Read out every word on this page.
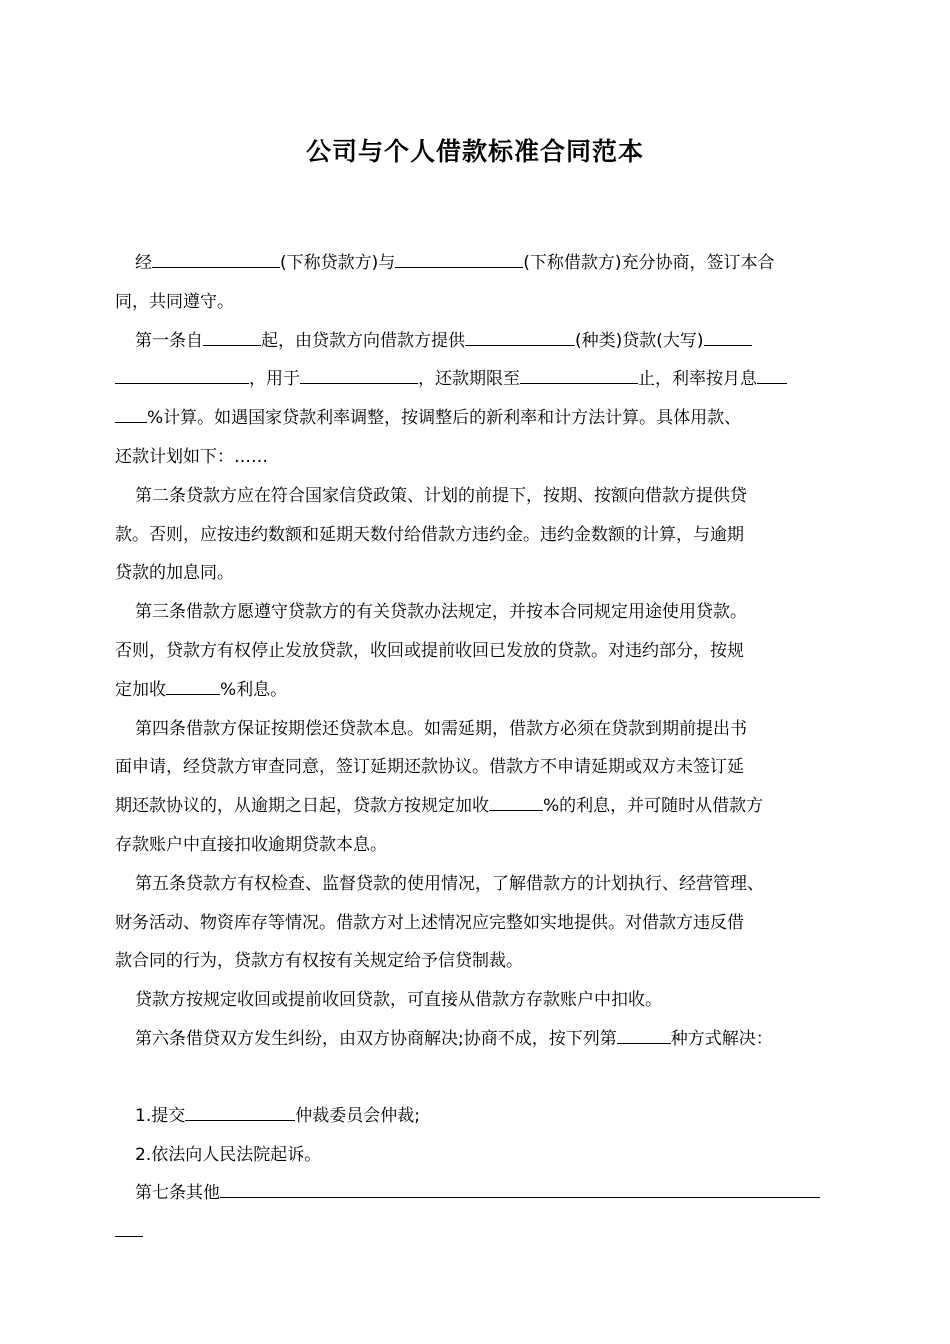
公司与个人借款标准合同范本
经	(下称贷款方)与	(下称借款方)充分协商，签订本合
同，共同遵守。
第一条自	起，由贷款方向借款方提供	(种类)贷款(大写)
，用于	，还款期限至	止，利率按月息
%计算。如遇国家贷款利率调整，按调整后的新利率和计方法计算。具体用款、
还款计划如下：……
第二条贷款方应在符合国家信贷政策、计划的前提下，按期、按额向借款方提供贷
款。否则，应按违约数额和延期天数付给借款方违约金。违约金数额的计算，与逾期
贷款的加息同。
第三条借款方愿遵守贷款方的有关贷款办法规定，并按本合同规定用途使用贷款。
否则，贷款方有权停止发放贷款，收回或提前收回已发放的贷款。对违约部分，按规
定加收	%利息。
第四条借款方保证按期偿还贷款本息。如需延期，借款方必须在贷款到期前提出书
面申请，经贷款方审查同意，签订延期还款协议。借款方不申请延期或双方未签订延
期还款协议的，从逾期之日起，贷款方按规定加收	%的利息，并可随时从借款方
存款账户中直接扣收逾期贷款本息。
第五条贷款方有权检查、监督贷款的使用情况，了解借款方的计划执行、经营管理、
财务活动、物资库存等情况。借款方对上述情况应完整如实地提供。对借款方违反借
款合同的行为，贷款方有权按有关规定给予信贷制裁。
贷款方按规定收回或提前收回贷款，可直接从借款方存款账户中扣收。
第六条借贷双方发生纠纷，由双方协商解决;协商不成，按下列第	种方式解决：
1.提交	仲裁委员会仲裁;
2.依法向人民法院起诉。
第七条其他
